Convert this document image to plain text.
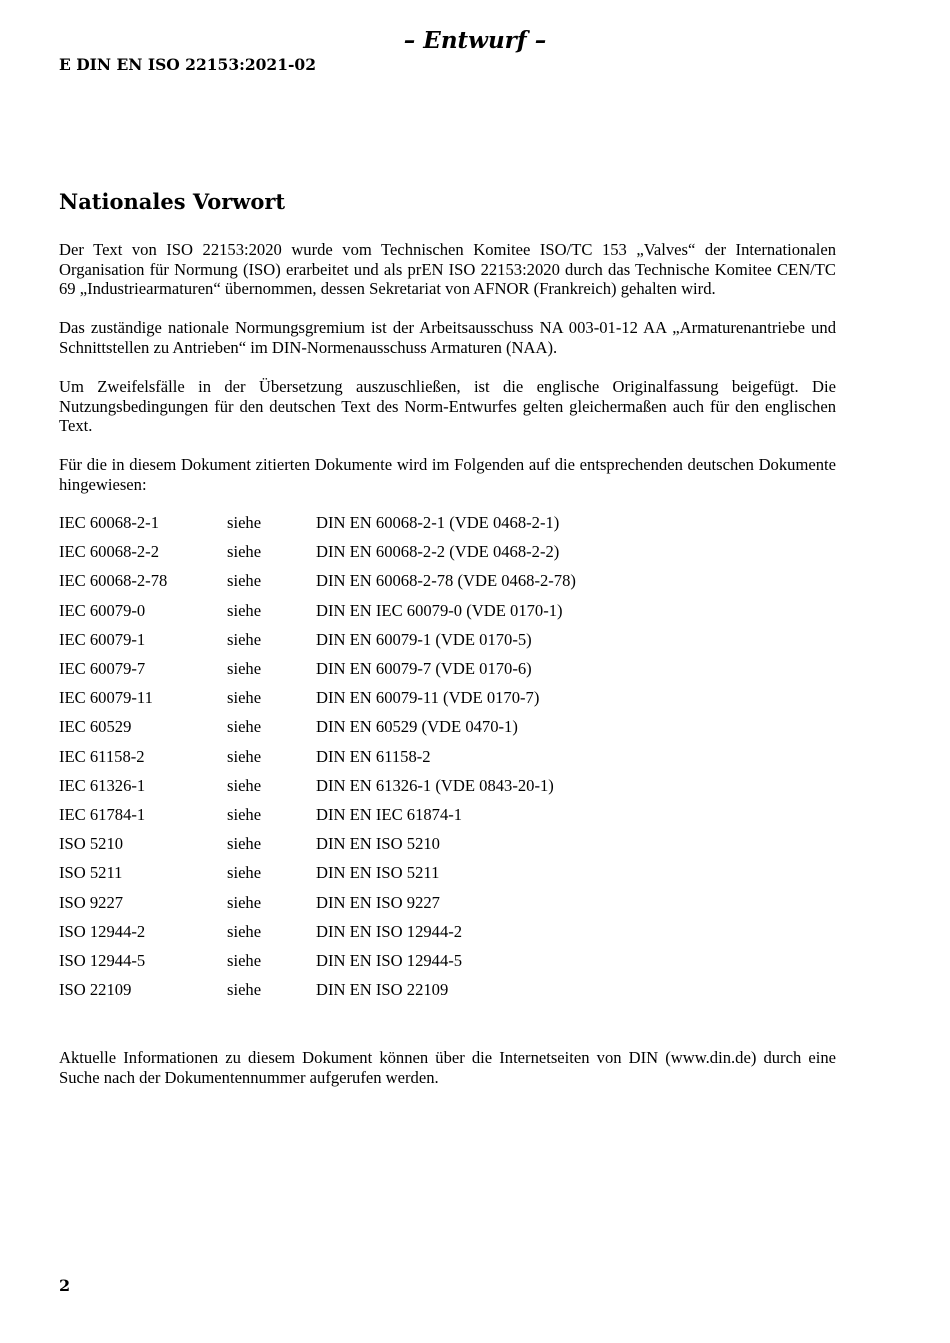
– Entwurf –
E DIN EN ISO 22153:2021-02
Nationales Vorwort

Der Text von ISO 22153:2020 wurde vom Technischen Komitee ISO/TC 153 „Valves“ der Internationalen Organisation für Normung (ISO) erarbeitet und als prEN ISO 22153:2020 durch das Technische Komitee CEN/TC 69 „Industriearmaturen“ übernommen, dessen Sekretariat von AFNOR (Frankreich) gehalten wird.

Das zuständige nationale Normungsgremium ist der Arbeitsausschuss NA 003-01-12 AA „Armaturenantriebe und Schnittstellen zu Antrieben“ im DIN-Normenausschuss Armaturen (NAA).

Um Zweifelsfälle in der Übersetzung auszuschließen, ist die englische Originalfassung beigefügt. Die Nutzungsbedingungen für den deutschen Text des Norm-Entwurfes gelten gleichermaßen auch für den englischen Text.

Für die in diesem Dokument zitierten Dokumente wird im Folgenden auf die entsprechenden deutschen Dokumente hingewiesen:

IEC 60068-2-1	siehe	DIN EN 60068-2-1 (VDE 0468-2-1)
IEC 60068-2-2	siehe	DIN EN 60068-2-2 (VDE 0468-2-2)
IEC 60068-2-78	siehe	DIN EN 60068-2-78 (VDE 0468-2-78)
IEC 60079-0	siehe	DIN EN IEC 60079-0 (VDE 0170-1)
IEC 60079-1	siehe	DIN EN 60079-1 (VDE 0170-5)
IEC 60079-7	siehe	DIN EN 60079-7 (VDE 0170-6)
IEC 60079-11	siehe	DIN EN 60079-11 (VDE 0170-7)
IEC 60529	siehe	DIN EN 60529 (VDE 0470-1)
IEC 61158-2	siehe	DIN EN 61158-2
IEC 61326-1	siehe	DIN EN 61326-1 (VDE 0843-20-1)
IEC 61784-1	siehe	DIN EN IEC 61874-1
ISO 5210	siehe	DIN EN ISO 5210
ISO 5211	siehe	DIN EN ISO 5211
ISO 9227	siehe	DIN EN ISO 9227
ISO 12944-2	siehe	DIN EN ISO 12944-2
ISO 12944-5	siehe	DIN EN ISO 12944-5
ISO 22109	siehe	DIN EN ISO 22109

Aktuelle Informationen zu diesem Dokument können über die Internetseiten von DIN (www.din.de) durch eine Suche nach der Dokumentennummer aufgerufen werden.

2
